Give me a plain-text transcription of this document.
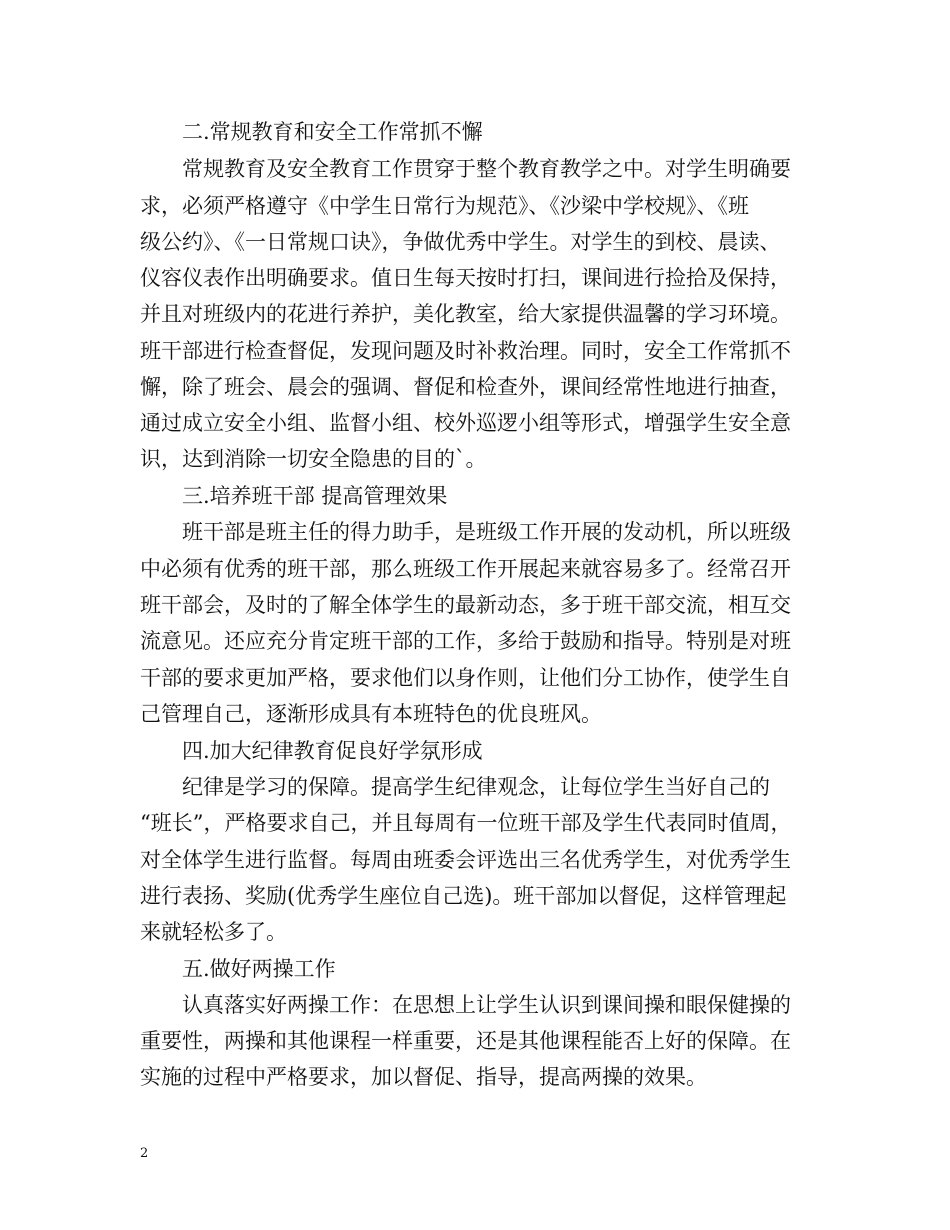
二.常规教育和安全工作常抓不懈
常规教育及安全教育工作贯穿于整个教育教学之中。对学生明确要
求，必须严格遵守《中学生日常行为规范》、《沙梁中学校规》、《班
级公约》、《一日常规口诀》，争做优秀中学生。对学生的到校、晨读、
仪容仪表作出明确要求。值日生每天按时打扫，课间进行捡拾及保持，
并且对班级内的花进行养护，美化教室，给大家提供温馨的学习环境。
班干部进行检查督促，发现问题及时补救治理。同时，安全工作常抓不
懈，除了班会、晨会的强调、督促和检查外，课间经常性地进行抽查，
通过成立安全小组、监督小组、校外巡逻小组等形式，增强学生安全意
识，达到消除一切安全隐患的目的`。
三.培养班干部 提高管理效果
班干部是班主任的得力助手，是班级工作开展的发动机，所以班级
中必须有优秀的班干部，那么班级工作开展起来就容易多了。经常召开
班干部会，及时的了解全体学生的最新动态，多于班干部交流，相互交
流意见。还应充分肯定班干部的工作，多给于鼓励和指导。特别是对班
干部的要求更加严格，要求他们以身作则，让他们分工协作，使学生自
己管理自己，逐渐形成具有本班特色的优良班风。
四.加大纪律教育促良好学氛形成
纪律是学习的保障。提高学生纪律观念，让每位学生当好自己的
“班长”，严格要求自己，并且每周有一位班干部及学生代表同时值周，
对全体学生进行监督。每周由班委会评选出三名优秀学生，对优秀学生
进行表扬、奖励(优秀学生座位自己选)。班干部加以督促，这样管理起
来就轻松多了。
五.做好两操工作
认真落实好两操工作：在思想上让学生认识到课间操和眼保健操的
重要性，两操和其他课程一样重要，还是其他课程能否上好的保障。在
实施的过程中严格要求，加以督促、指导，提高两操的效果。
2
